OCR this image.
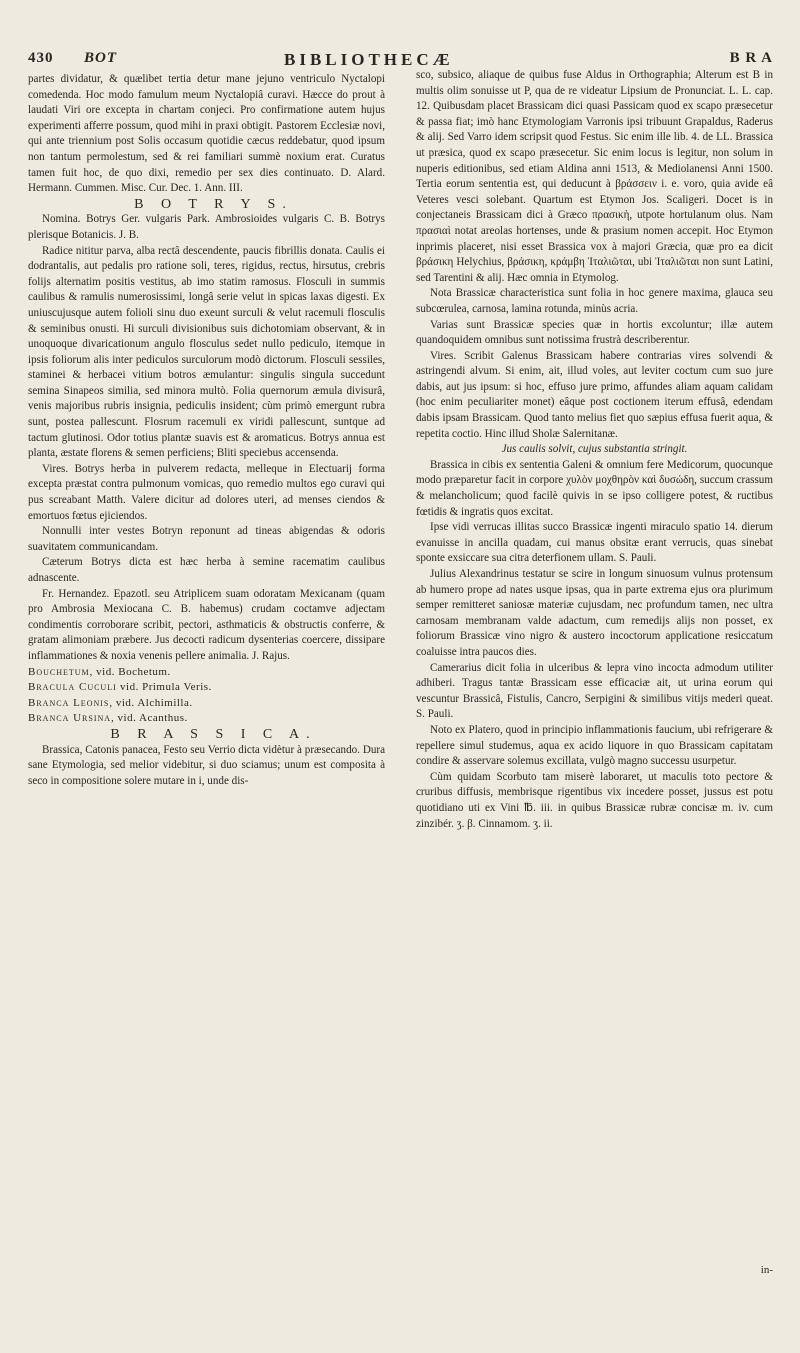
430 BOT	BIBLIOTHECÆ	B R A

partes dividatur, & quælibet tertia detur mane jejuno ventriculo Nyctalopi comedenda. Hoc modo famulum meum Nyctalopiâ curavi. Hæcce do prout à laudati Viri ore excepta in chartam conjeci. Pro confirmatione autem hujus experimenti afferre possum, quod mihi in praxi obtigit. Pastorem Ecclesiæ novi, qui ante triennium post Solis occasum quotidie cæcus reddebatur, quod ipsum non tantum permolestum, sed & rei familiari summè noxium erat. Curatus tamen fuit hoc, de quo dixi, remedio per sex dies continuato. D. Alard. Hermann. Cummen. Misc. Cur. Dec. 1. Ann. III.

B O T R Y S.

Nomina. Botrys Ger. vulgaris Park. Ambrosioides vulgaris C. B. Botrys plerisque Botanicis. J. B.

Radice nititur parva, alba rectâ descendente, paucis fibrillis donata. Caulis ei dodrantalis, aut pedalis pro ratione soli, teres, rigidus, rectus, hirsutus, crebris folijs alternatim positis vestitus, ab imo statim ramosus. Flosculi in summis caulibus & ramulis numerosissimi, longâ serie velut in spicas laxas digesti. Ex uniuscujusque autem folioli sinu duo exeunt surculi & velut racemuli flosculis & seminibus onusti. Hi surculi divisionibus suis dichotomiam observant, & in unoquoque divaricationum angulo flosculus sedet nullo pediculo, itemque in ipsis foliorum alis inter pediculos surculorum modò dictorum. Flosculi sessiles, staminei & herbacei vitium botros æmulantur: singulis singula succedunt semina Sinapeos similia, sed minora multò. Folia quernorum æmula divisurâ, venis majoribus rubris insignia, pediculis insident; cùm primò emergunt rubra sunt, postea pallescunt. Flosrum racemuli ex viridi pallescunt, suntque ad tactum glutinosi. Odor totius plantæ suavis est & aromaticus. Botrys annua est planta, æstate florens & semen perficiens; Bliti speciebus accensenda.

Vires. Botrys herba in pulverem redacta, melleque in Electuarij forma excepta præstat contra pulmonum vomicas, quo remedio multos ego curavi qui pus screabant Matth. Valere dicitur ad dolores uteri, ad menses ciendos & emortuos fœtus ejiciendos.

Nonnulli inter vestes Botryn reponunt ad tineas abigendas & odoris suavitatem communicandam.

Cæterum Botrys dicta est hæc herba à semine racematim caulibus adnascente.

Fr. Hernandez. Epazotl. seu Atriplicem suam odoratam Mexicanam (quam pro Ambrosia Mexiocana C. B. habemus) crudam coctamve adjectam condimentis corroborare scribit, pectori, asthmaticis & obstructis conferre, & gratam alimoniam præbere. Jus decocti radicum dysenterias coercere, dissipare inflammationes & noxia venenis pellere animalia. J. Rajus.

Bouchetum, vid. Bochetum.

Bracula Cuculi vid. Primula Veris.

Branca Leonis, vid. Alchimilla.

Branca Ursina, vid. Acanthus.

B R A S S I C A.

Brassica, Catonis panacea, Festo seu Verrio dicta vidètur à præsecando. Dura sane Etymologia, sed melior videbitur, si duo sciamus; unum est composita à seco in compositione solere mutare in i, unde dis-

sco, subsico, aliaque de quibus fuse Aldus in Orthographia; Alterum est B in multis olim sonuisse ut P, qua de re videatur Lipsium de Pronunciat. L. L. cap. 12. Quibusdam placet Brassicam dici quasi Passicam quod ex scapo præsecetur & passa fiat; imò hanc Etymologiam Varronis ipsi tribuunt Grapaldus, Raderus & alij. Sed Varro idem scripsit quod Festus. Sic enim ille lib. 4. de LL. Brassica ut præsica, quod ex scapo præsecetur. Sic enim locus is legitur, non solum in nuperis editionibus, sed etiam Aldina anni 1513, & Mediolanensi Anni 1500. Tertia eorum sententia est, qui deducunt à βράσσειν i. e. voro, quia avide eâ Veteres vesci solebant. Quartum est Etymon Jos. Scaligeri. Docet is in conjectaneis Brassicam dici à Græco πρασικὴ, utpote hortulanum olus. Nam πρασιαὶ notat areolas hortenses, unde & prasium nomen accepit. Hoc Etymon inprimis placeret, nisi esset Brassica vox à majori Græcia, quæ pro ea dicit βράσικη Helychius, βράσικη, κράμβη Ἰταλιῶται, ubi Ἰταλιῶται non sunt Latini, sed Tarentini & alij. Hæc omnia in Etymolog.

Nota Brassicæ characteristica sunt folia in hoc genere maxima, glauca seu subcœrulea, carnosa, lamina rotunda, minùs acria.

Varias sunt Brassicæ species quæ in hortis excoluntur; illæ autem quandoquidem omnibus sunt notissima frustrà describerentur.

Vires. Scribit Galenus Brassicam habere contrarias vires solvendi & astringendi alvum. Si enim, ait, illud voles, aut leviter coctum cum suo jure dabis, aut jus ipsum: si hoc, effuso jure primo, affundes aliam aquam calidam (hoc enim peculiariter monet) eâque post coctionem iterum effusâ, edendam dabis ipsam Brassicam. Quod tanto melius fiet quo sæpius effusa fuerit aqua, & repetita coctio. Hinc illud Sholæ Salernitanæ.

Jus caulis solvit, cujus substantia stringit.

Brassica in cibis ex sententia Galeni & omnium fere Medicorum, quocunque modo præparetur facit in corpore χυλὸν μοχθηρὸν καὶ δυσώδη, succum crassum & melancholicum; quod facilè quivis in se ipso colligere potest, & ructibus fœtidis & ingratis quos excitat.

Ipse vidi verrucas illitas succo Brassicæ ingenti miraculo spatio 14. dierum evanuisse in ancilla quadam, cui manus obsitæ erant verrucis, quas sinebat sponte exsiccare sua citra deterfionem ullam. S. Pauli.

Julius Alexandrinus testatur se scire in longum sinuosum vulnus protensum ab humero prope ad nates usque ipsas, qua in parte extrema ejus ora plurimum semper remitteret saniosæ materiæ cujusdam, nec profundum tamen, nec ultra carnosam membranam valde adactum, cum remedijs alijs non posset, ex foliorum Brassicæ vino nigro & austero incoctorum applicatione resiccatum coaluisse intra paucos dies.

Camerarius dicit folia in ulceribus & lepra vino incocta admodum utiliter adhiberi. Tragus tantæ Brassicam esse efficaciæ ait, ut urina eorum qui vescuntur Brassicâ, Fistulis, Cancro, Serpigini & similibus vitijs mederi queat. S. Pauli.

Noto ex Platero, quod in principio inflammationis faucium, ubi refrigerare & repellere simul studemus, aqua ex acido liquore in quo Brassicam capitatam condire & asservare solemus excillata, vulgò magno successu usurpetur.

Cùm quidam Scorbuto tam miserè laboraret, ut maculis toto pectore & cruribus diffusis, membrisque rigentibus vix incedere posset, jussus est potu quotidiano uti ex Vini ℔. iii. in quibus Brassicæ rubræ concisæ m. iv. cum zinzibér. ʒ. β. Cinnamom. ʒ. ii.

in-
